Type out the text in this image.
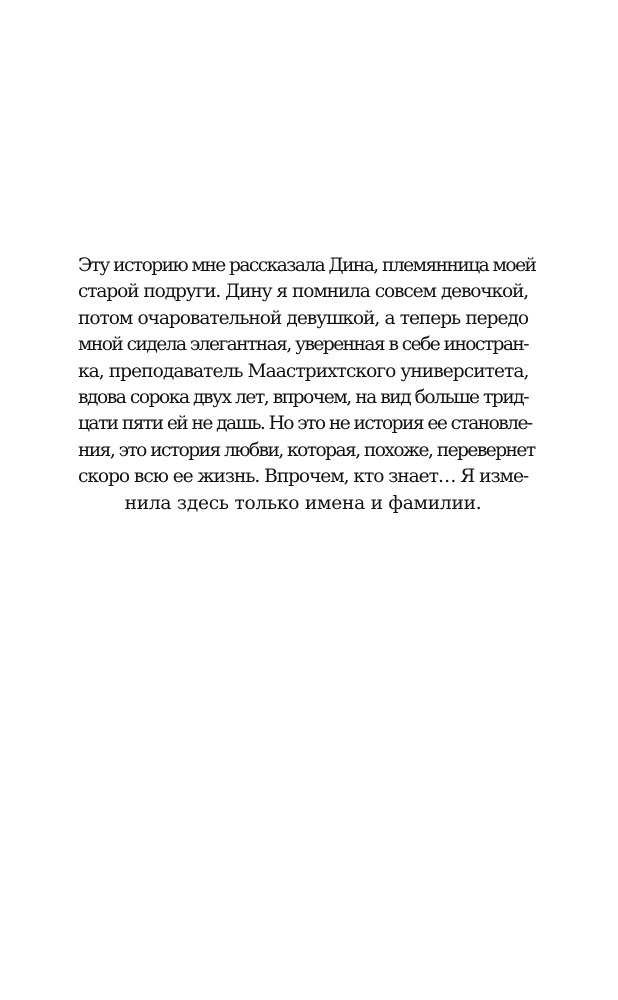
Эту историю мне рассказала Дина, племянница моей
старой подруги. Дину я помнила совсем девочкой,
потом очаровательной девушкой, а теперь передо
мной сидела элегантная, уверенная в себе иностран-
ка, преподаватель Маастрихтского университета,
вдова сорока двух лет, впрочем, на вид больше трид-
цати пяти ей не дашь. Но это не история ее становле-
ния, это история любви, которая, похоже, перевернет
скоро всю ее жизнь. Впрочем, кто знает… Я изме-
нила здесь только имена и фамилии.
